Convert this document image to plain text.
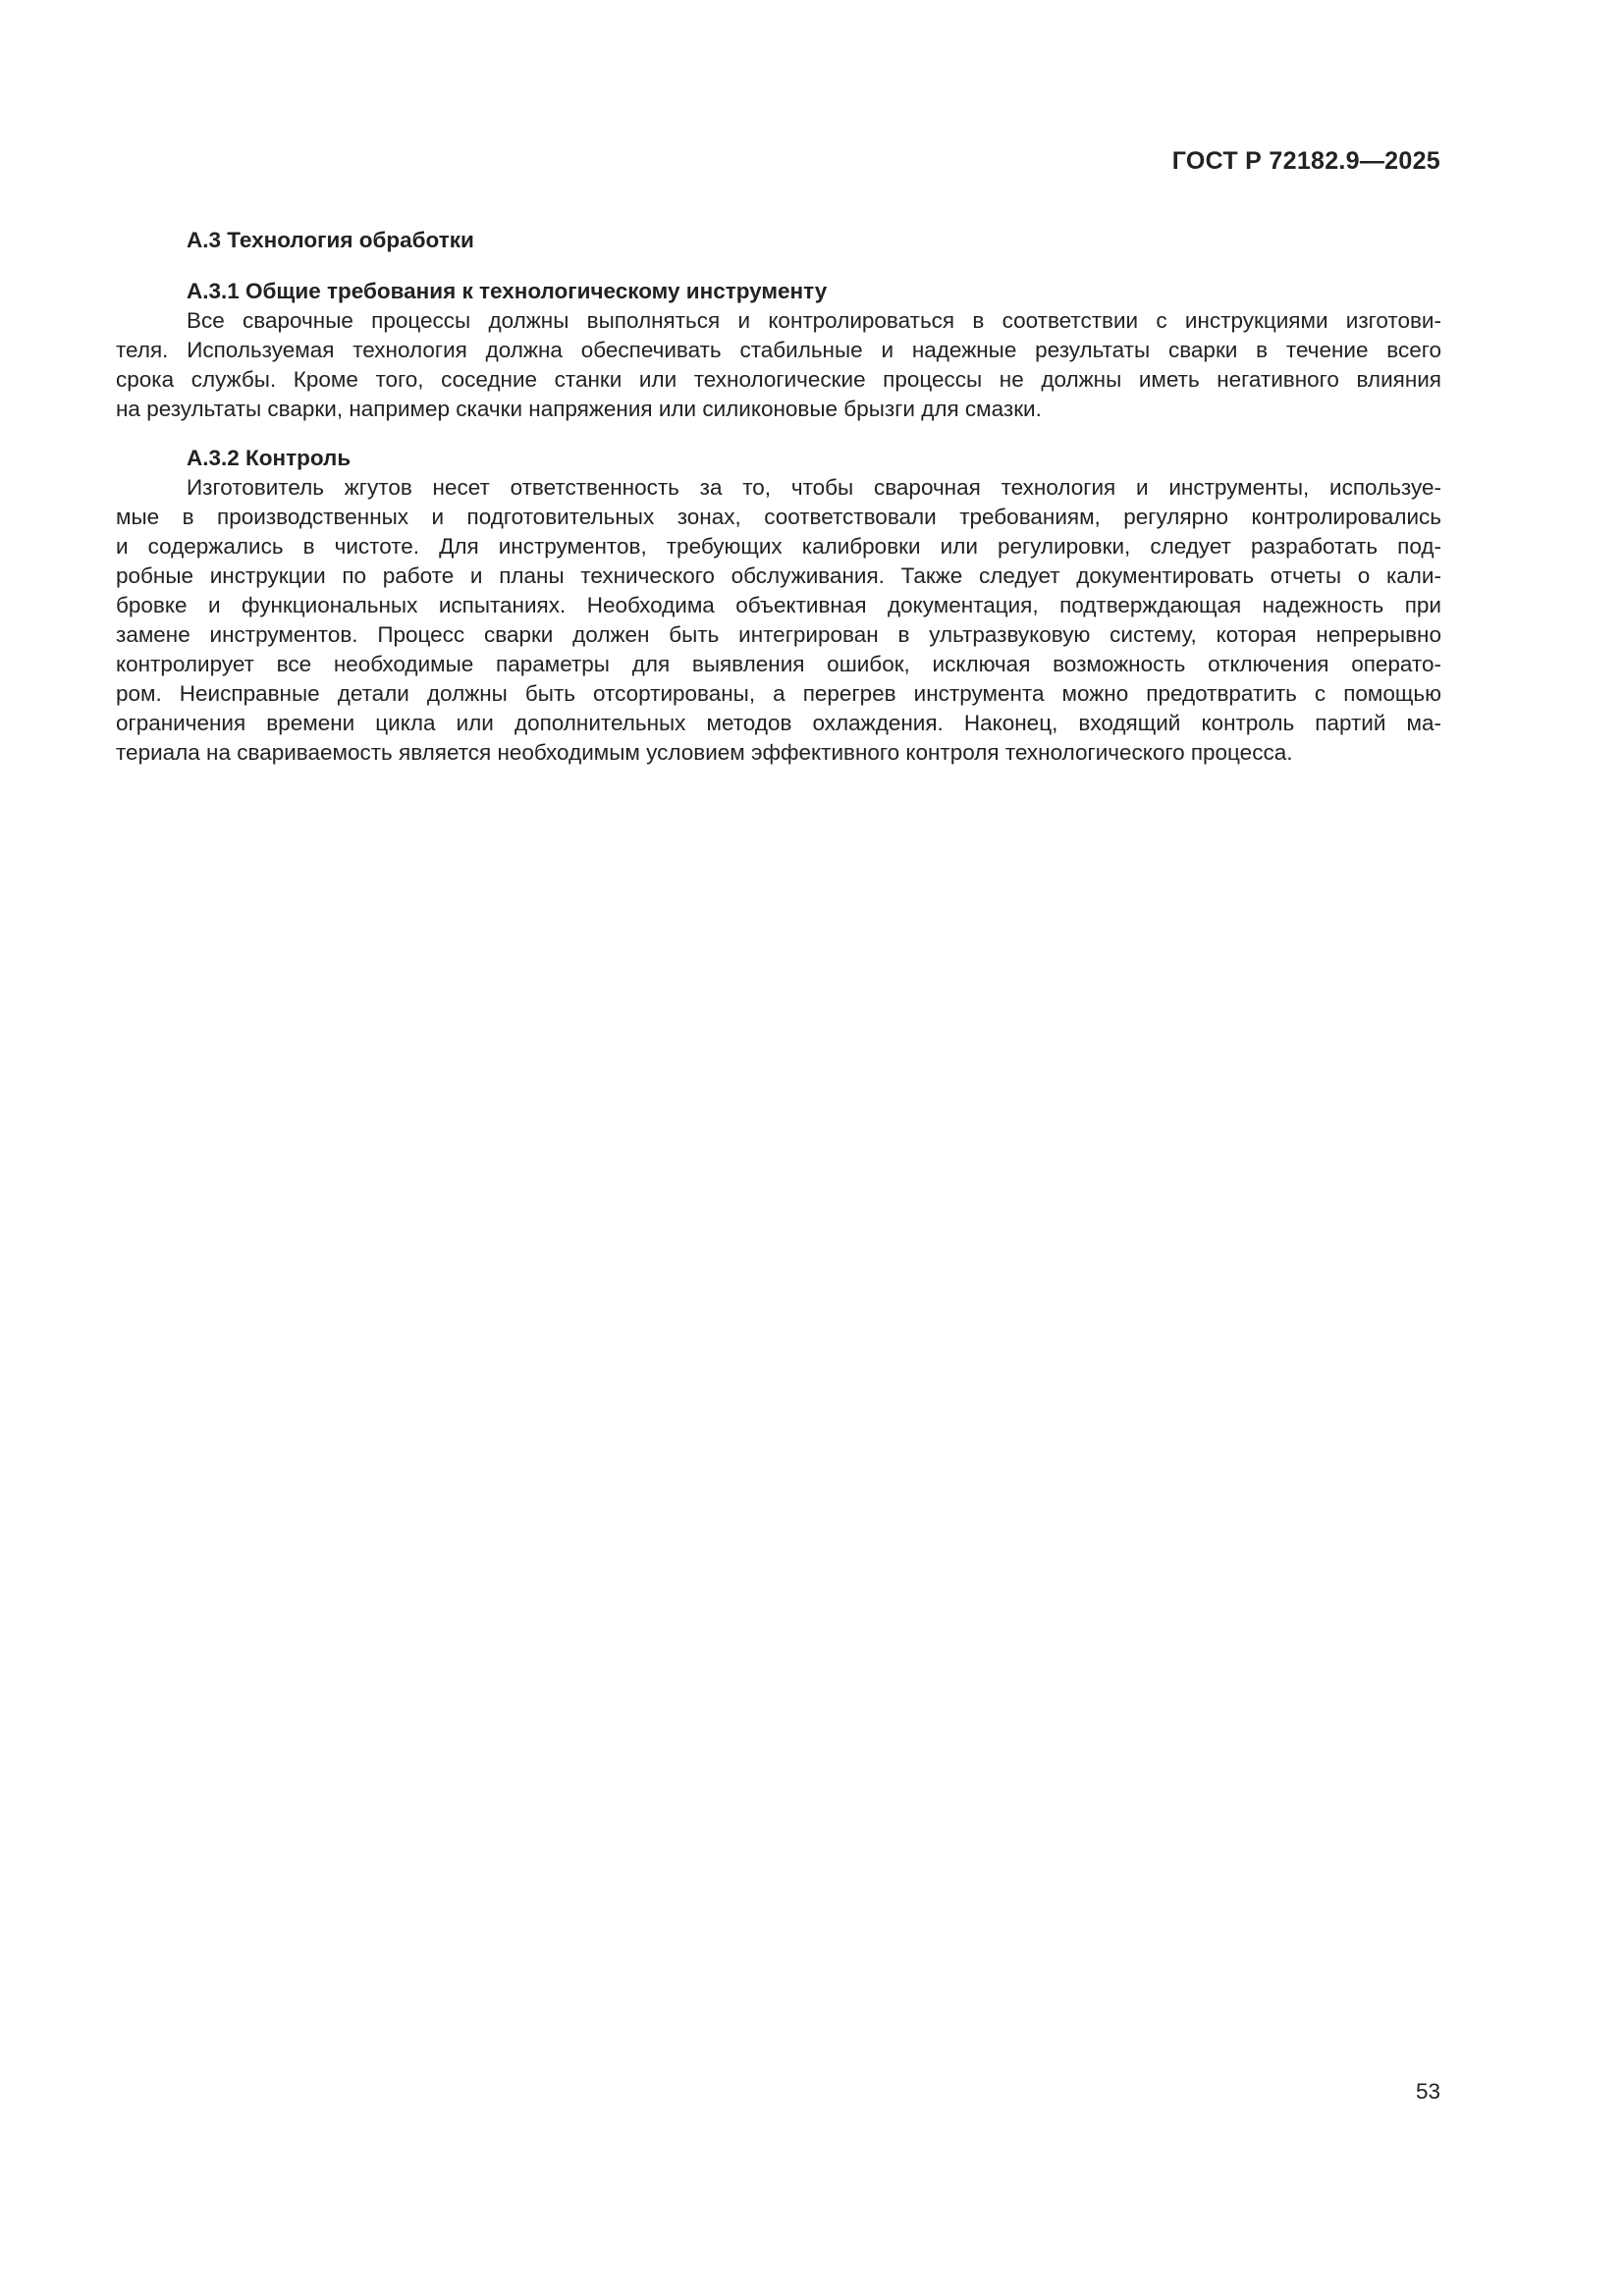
ГОСТ Р 72182.9—2025
А.3 Технология обработки
А.3.1 Общие требования к технологическому инструменту
Все сварочные процессы должны выполняться и контролироваться в соответствии с инструкциями изготови-
теля. Используемая технология должна обеспечивать стабильные и надежные результаты сварки в течение всего
срока службы. Кроме того, соседние станки или технологические процессы не должны иметь негативного влияния
на результаты сварки, например скачки напряжения или силиконовые брызги для смазки.
А.3.2 Контроль
Изготовитель жгутов несет ответственность за то, чтобы сварочная технология и инструменты, используе-
мые в производственных и подготовительных зонах, соответствовали требованиям, регулярно контролировались
и содержались в чистоте. Для инструментов, требующих калибровки или регулировки, следует разработать под-
робные инструкции по работе и планы технического обслуживания. Также следует документировать отчеты о кали-
бровке и функциональных испытаниях. Необходима объективная документация, подтверждающая надежность при
замене инструментов. Процесс сварки должен быть интегрирован в ультразвуковую систему, которая непрерывно
контролирует все необходимые параметры для выявления ошибок, исключая возможность отключения операто-
ром. Неисправные детали должны быть отсортированы, а перегрев инструмента можно предотвратить с помощью
ограничения времени цикла или дополнительных методов охлаждения. Наконец, входящий контроль партий ма-
териала на свариваемость является необходимым условием эффективного контроля технологического процесса.
53
